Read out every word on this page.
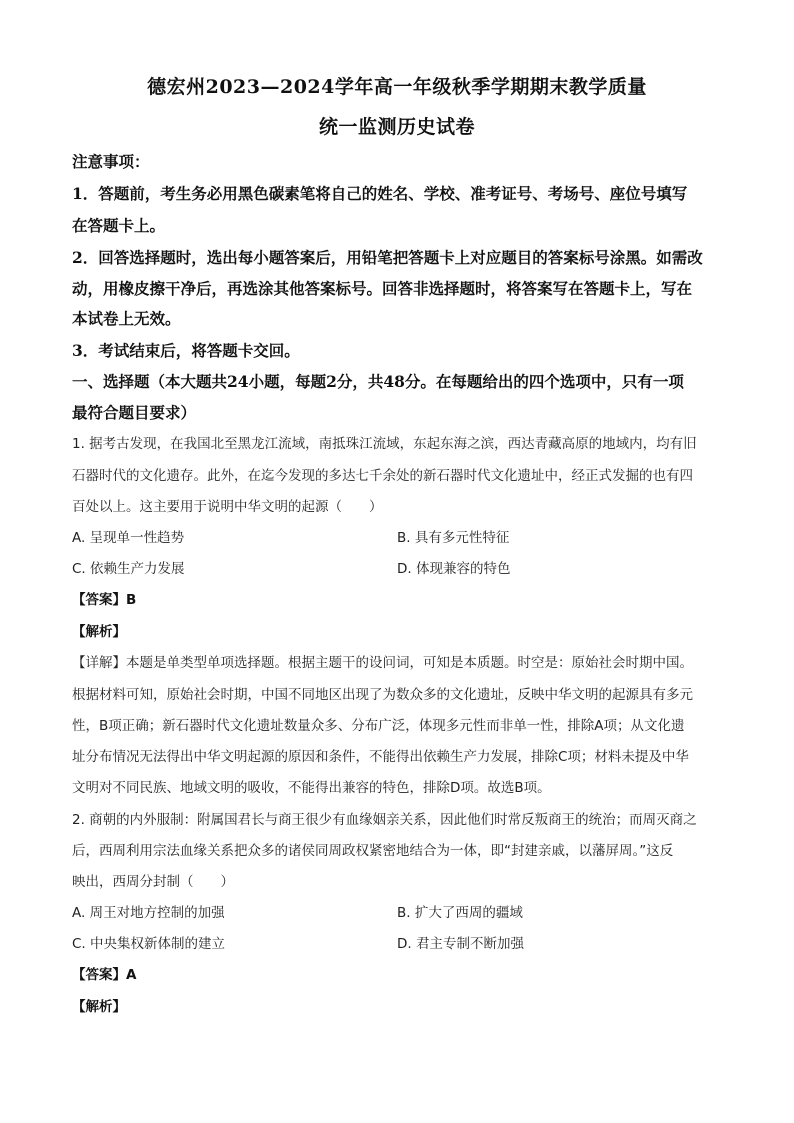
德宏州2023—2024学年高一年级秋季学期期末教学质量
统一监测历史试卷
注意事项：
1．答题前，考生务必用黑色碳素笔将自己的姓名、学校、准考证号、考场号、座位号填写
在答题卡上。
2．回答选择题时，选出每小题答案后，用铅笔把答题卡上对应题目的答案标号涂黑。如需改
动，用橡皮擦干净后，再选涂其他答案标号。回答非选择题时，将答案写在答题卡上，写在
本试卷上无效。
3．考试结束后，将答题卡交回。
一、选择题（本大题共24小题，每题2分，共48分。在每题给出的四个选项中，只有一项
最符合题目要求）
1. 据考古发现，在我国北至黑龙江流域，南抵珠江流域，东起东海之滨，西达青藏高原的地域内，均有旧
石器时代的文化遗存。此外，在迄今发现的多达七千余处的新石器时代文化遗址中，经正式发掘的也有四
百处以上。这主要用于说明中华文明的起源（　　）
A. 呈现单一性趋势	B. 具有多元性特征
C. 依赖生产力发展	D. 体现兼容的特色
【答案】B
【解析】
【详解】本题是单类型单项选择题。根据主题干的设问词，可知是本质题。时空是：原始社会时期中国。
根据材料可知，原始社会时期，中国不同地区出现了为数众多的文化遗址，反映中华文明的起源具有多元
性，B项正确；新石器时代文化遗址数量众多、分布广泛，体现多元性而非单一性，排除A项；从文化遗
址分布情况无法得出中华文明起源的原因和条件，不能得出依赖生产力发展，排除C项；材料未提及中华
文明对不同民族、地域文明的吸收，不能得出兼容的特色，排除D项。故选B项。
2. 商朝的内外服制：附属国君长与商王很少有血缘姻亲关系，因此他们时常反叛商王的统治；而周灭商之
后，西周利用宗法血缘关系把众多的诸侯同周政权紧密地结合为一体，即“封建亲戚，以藩屏周。”这反
映出，西周分封制（　　）
A. 周王对地方控制的加强	B. 扩大了西周的疆域
C. 中央集权新体制的建立	D. 君主专制不断加强
【答案】A
【解析】
